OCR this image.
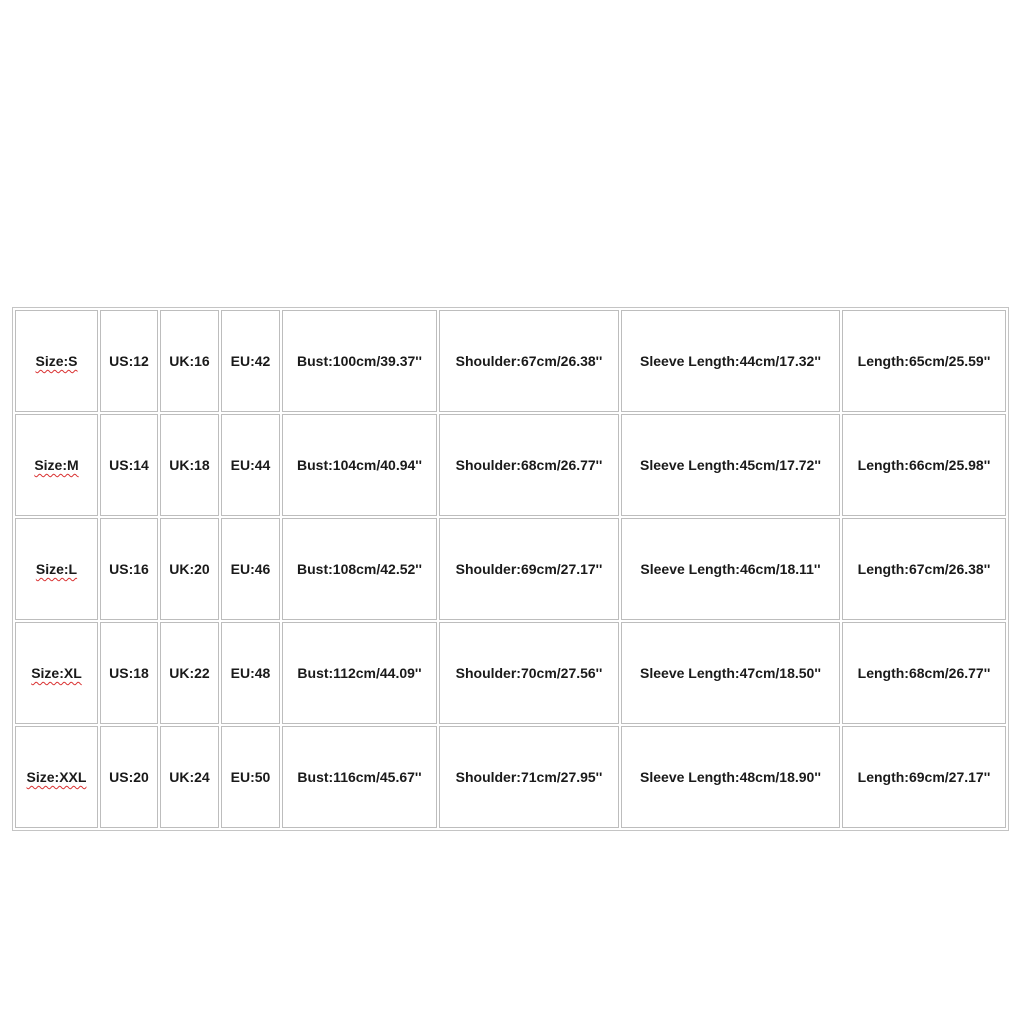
Size:S	US:12	UK:16	EU:42	Bust:100cm/39.37''	Shoulder:67cm/26.38''	Sleeve Length:44cm/17.32''	Length:65cm/25.59''
Size:M	US:14	UK:18	EU:44	Bust:104cm/40.94''	Shoulder:68cm/26.77''	Sleeve Length:45cm/17.72''	Length:66cm/25.98''
Size:L	US:16	UK:20	EU:46	Bust:108cm/42.52''	Shoulder:69cm/27.17''	Sleeve Length:46cm/18.11''	Length:67cm/26.38''
Size:XL	US:18	UK:22	EU:48	Bust:112cm/44.09''	Shoulder:70cm/27.56''	Sleeve Length:47cm/18.50''	Length:68cm/26.77''
Size:XXL	US:20	UK:24	EU:50	Bust:116cm/45.67''	Shoulder:71cm/27.95''	Sleeve Length:48cm/18.90''	Length:69cm/27.17''
